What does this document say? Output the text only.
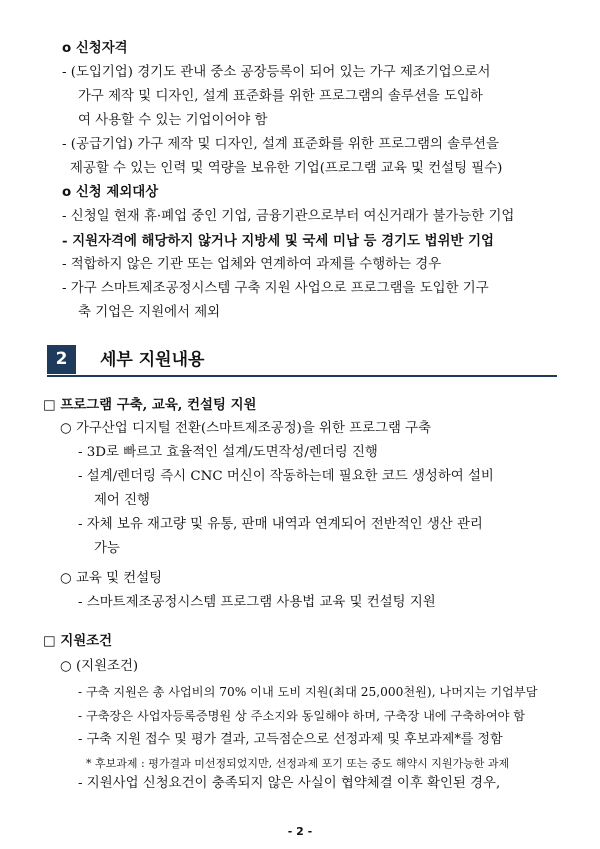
o 신청자격
- (도입기업) 경기도 관내 중소 공장등록이 되어 있는 가구 제조기업으로서
가구 제작 및 디자인, 설계 표준화를 위한 프로그램의 솔루션을 도입하
여 사용할 수 있는 기업이어야 함
- (공급기업) 가구 제작 및 디자인, 설계 표준화를 위한 프로그램의 솔루션을
제공할 수 있는 인력 및 역량을 보유한 기업(프로그램 교육 및 컨설팅 필수)
o 신청 제외대상
- 신청일 현재 휴·폐업 중인 기업, 금융기관으로부터 여신거래가 불가능한 기업
- 지원자격에 해당하지 않거나 지방세 및 국세 미납 등 경기도 법위반 기업
- 적합하지 않은 기관 또는 업체와 연계하여 과제를 수행하는 경우
- 가구 스마트제조공정시스템 구축 지원 사업으로 프로그램을 도입한 기구
축 기업은 지원에서 제외
2	세부 지원내용
□ 프로그램 구축, 교육, 컨설팅 지원
○ 가구산업 디지털 전환(스마트제조공정)을 위한 프로그램 구축
- 3D로 빠르고 효율적인 설계/도면작성/렌더링 진행
- 설계/렌더링 즉시 CNC 머신이 작동하는데 필요한 코드 생성하여 설비
제어 진행
- 자체 보유 재고량 및 유통, 판매 내역과 연계되어 전반적인 생산 관리
가능
○ 교육 및 컨설팅
- 스마트제조공정시스템 프로그램 사용법 교육 및 컨설팅 지원
□ 지원조건
○ (지원조건)
- 구축 지원은 총 사업비의 70% 이내 도비 지원(최대 25,000천원), 나머지는 기업부담
- 구축장은 사업자등록증명원 상 주소지와 동일해야 하며, 구축장 내에 구축하여야 함
- 구축 지원 접수 및 평가 결과, 고득점순으로 선정과제 및 후보과제*를 정함
* 후보과제 : 평가결과 미선정되었지만, 선정과제 포기 또는 중도 해약시 지원가능한 과제
- 지원사업 신청요건이 충족되지 않은 사실이 협약체결 이후 확인된 경우,
- 2 -
